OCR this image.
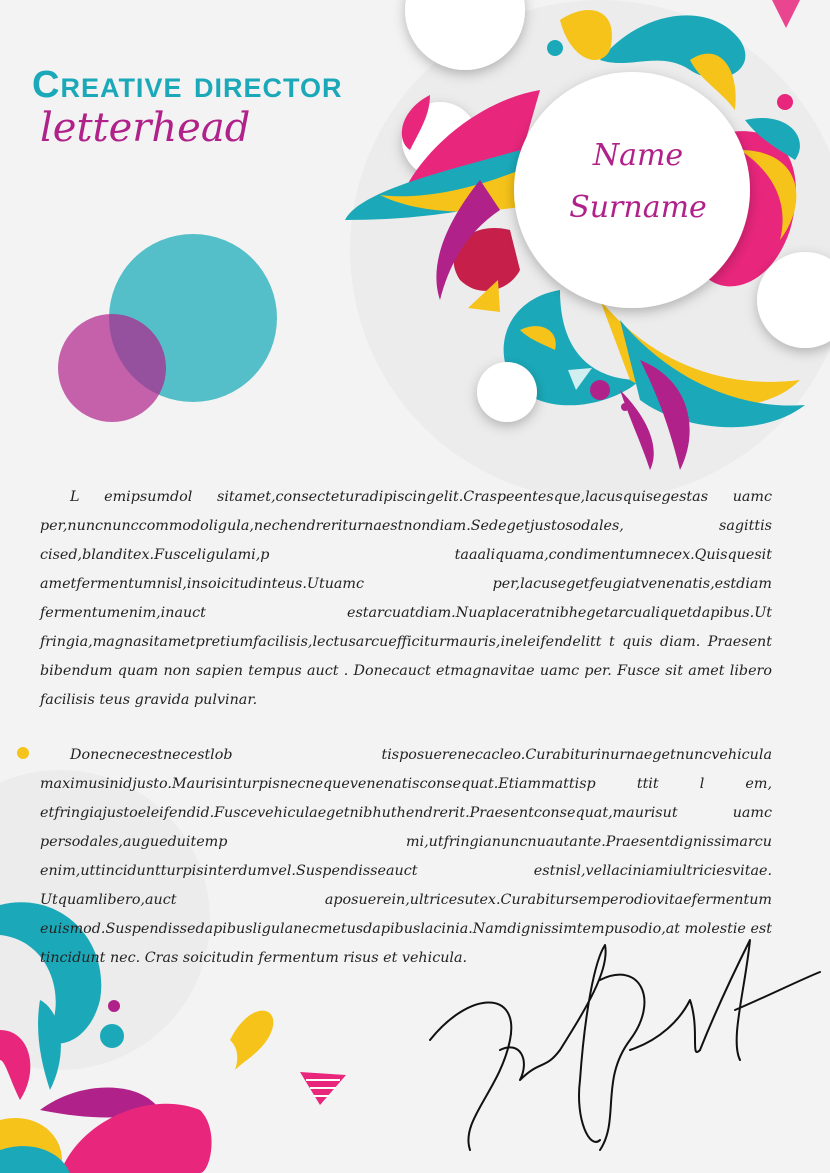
Creative director
letterhead
Name
Surname
L emipsumdol sitamet,consecteturadipiscingelit.Craspeentesque,lacusquisegestas uamc per,nuncnunccommodoligula,nechendreriturnaestnondiam.Sedegetjustosodales, sagittis cised,blanditex.Fusceligulami,p taaaliquama,condimentumnecex.Quisquesit ametfermentumnisl,insoicitudinteus.Utuamc per,lacusegetfeugiatvenenatis,estdiam fermentumenim,inauct estarcuatdiam.Nuaplaceratnibhegetarcualiquetdapibus.Ut fringia,magnasitametpretiumfacilisis,lectusarcuefficiturmauris,ineleifendelitt t quis diam. Praesent bibendum quam non sapien tempus auct . Donecauct etmagnavitae uamc per. Fusce sit amet libero facilisis teus gravida pulvinar.
Donecnecestnecestlob tisposuerenecacleo.Curabiturinurnaegetnuncvehicula maximusinidjusto.Maurisinturpisnecnequevenenatisconsequat.Etiammattisp ttit l em, etfringiajustoeleifendid.Fuscevehiculaegetnibhuthendrerit.Praesentconsequat,maurisut uamc persodales,augueduitemp mi,utfringianuncnuautante.Praesentdignissimarcu enim,uttinciduntturpisinterdumvel.Suspendisseauct estnisl,vellaciniamiultriciesvitae. Utquamlibero,auct aposuerein,ultricesutex.Curabitursemperodiovitaefermentum euismod.Suspendissedapibusligulanecmetusdapibuslacinia.Namdignissimtempusodio,at molestie est tincidunt nec. Cras soicitudin fermentum risus et vehicula.
